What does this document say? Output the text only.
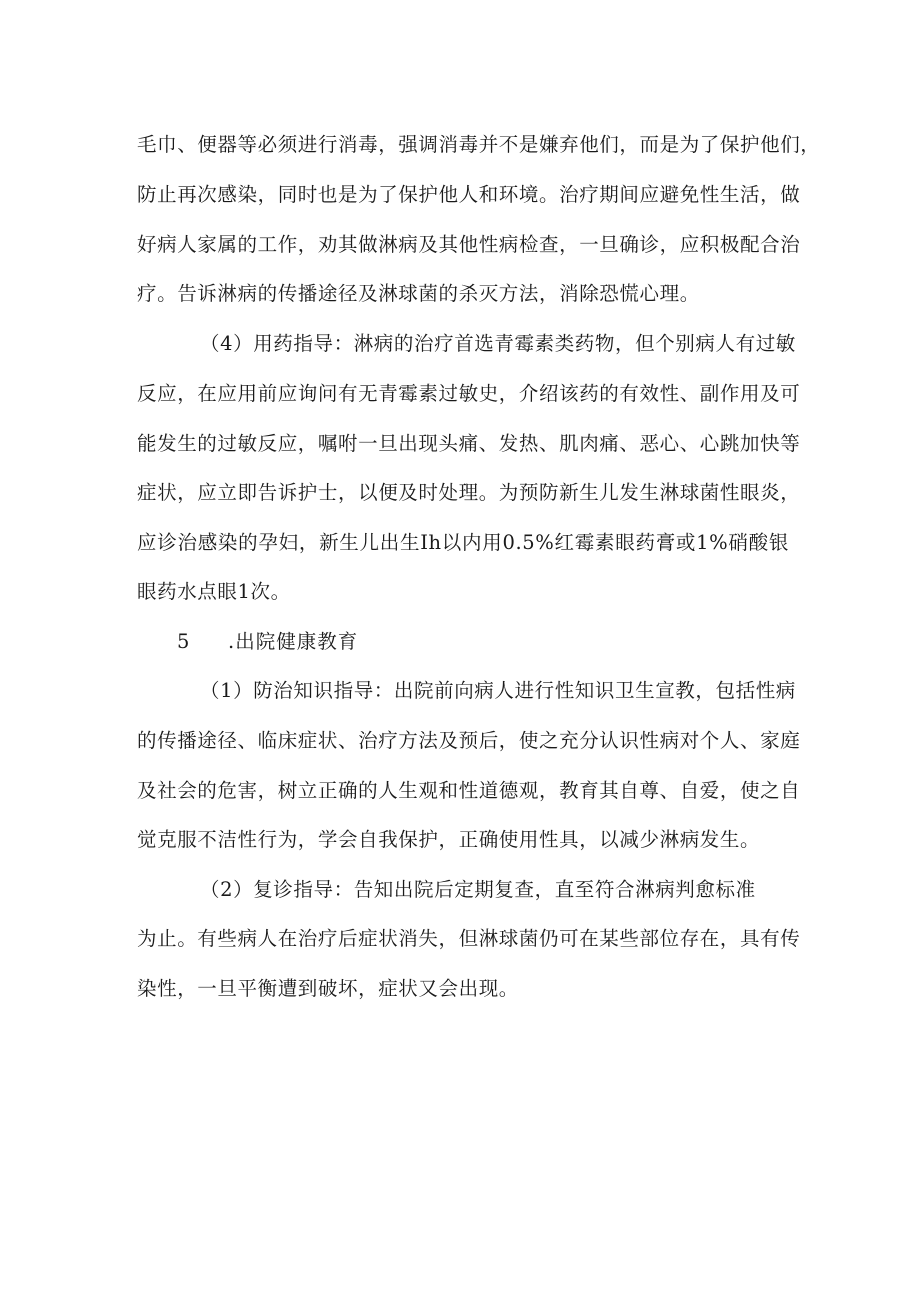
毛巾、便器等必须进行消毒，强调消毒并不是嫌弃他们，而是为了保护他们，
防止再次感染，同时也是为了保护他人和环境。治疗期间应避免性生活，做
好病人家属的工作，劝其做淋病及其他性病检查，一旦确诊，应积极配合治
疗。告诉淋病的传播途径及淋球菌的杀灭方法，消除恐慌心理。
（4）用药指导：淋病的治疗首选青霉素类药物，但个别病人有过敏
反应，在应用前应询问有无青霉素过敏史，介绍该药的有效性、副作用及可
能发生的过敏反应，嘱咐一旦出现头痛、发热、肌肉痛、恶心、心跳加快等
症状，应立即告诉护士，以便及时处理。为预防新生儿发生淋球菌性眼炎，
应诊治感染的孕妇，新生儿出生Ih以内用0.5%红霉素眼药膏或1%硝酸银
眼药水点眼1次。
5 .出院健康教育
（1）防治知识指导：出院前向病人进行性知识卫生宣教，包括性病
的传播途径、临床症状、治疗方法及预后，使之充分认识性病对个人、家庭
及社会的危害，树立正确的人生观和性道德观，教育其自尊、自爱，使之自
觉克服不洁性行为，学会自我保护，正确使用性具，以减少淋病发生。
（2）复诊指导：告知出院后定期复查，直至符合淋病判愈标准
为止。有些病人在治疗后症状消失，但淋球菌仍可在某些部位存在，具有传
染性，一旦平衡遭到破坏，症状又会出现。
